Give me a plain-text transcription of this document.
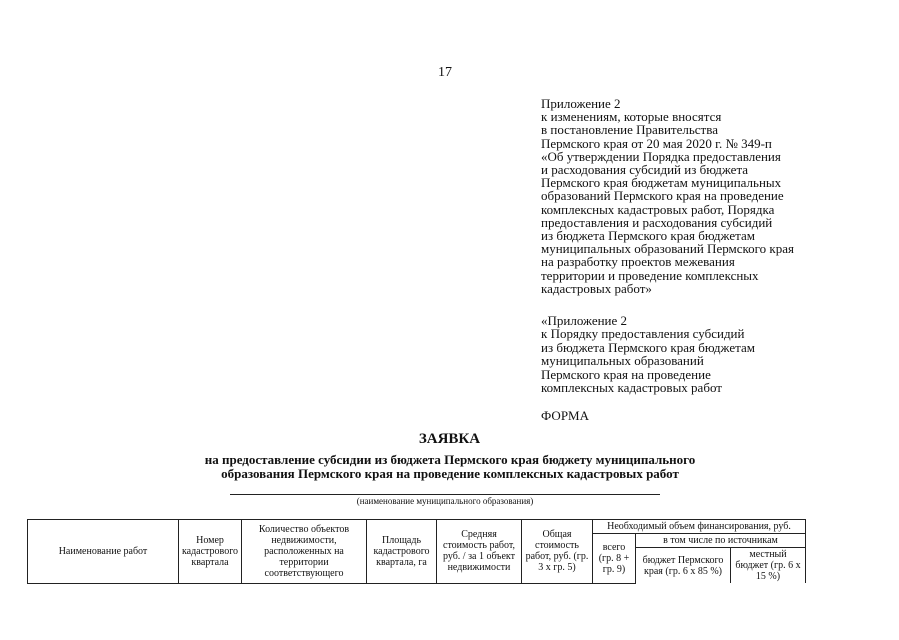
17
Приложение 2
к изменениям, которые вносятся
в постановление Правительства
Пермского края от 20 мая 2020 г. № 349-п
«Об утверждении Порядка предоставления
и расходования субсидий из бюджета
Пермского края бюджетам муниципальных
образований Пермского края на проведение
комплексных кадастровых работ, Порядка
предоставления и расходования субсидий
из бюджета Пермского края бюджетам
муниципальных образований Пермского края
на разработку проектов межевания
территории и проведение комплексных
кадастровых работ»
«Приложение 2
к Порядку предоставления субсидий
из бюджета Пермского края бюджетам
муниципальных образований
Пермского края на проведение
комплексных кадастровых работ
ФОРМА
ЗАЯВКА
на предоставление субсидии из бюджета Пермского края бюджету муниципального
образования Пермского края на проведение комплексных кадастровых работ
(наименование муниципального образования)
Наименование работ	Номер кадастрового квартала	Количество объектов недвижимости, расположенных на территории соответствующего	Площадь кадастрового квартала, га	Средняя стоимость работ, руб. / за 1 объект недвижимости	Общая стоимость работ, руб. (гр. 3 х гр. 5)	Необходимый объем финансирования, руб.		
						всего (гр. 8 + гр. 9)	в том числе по источникам	
							бюджет Пермского края (гр. 6 х 85 %)	местный бюджет (гр. 6 х 15 %)
